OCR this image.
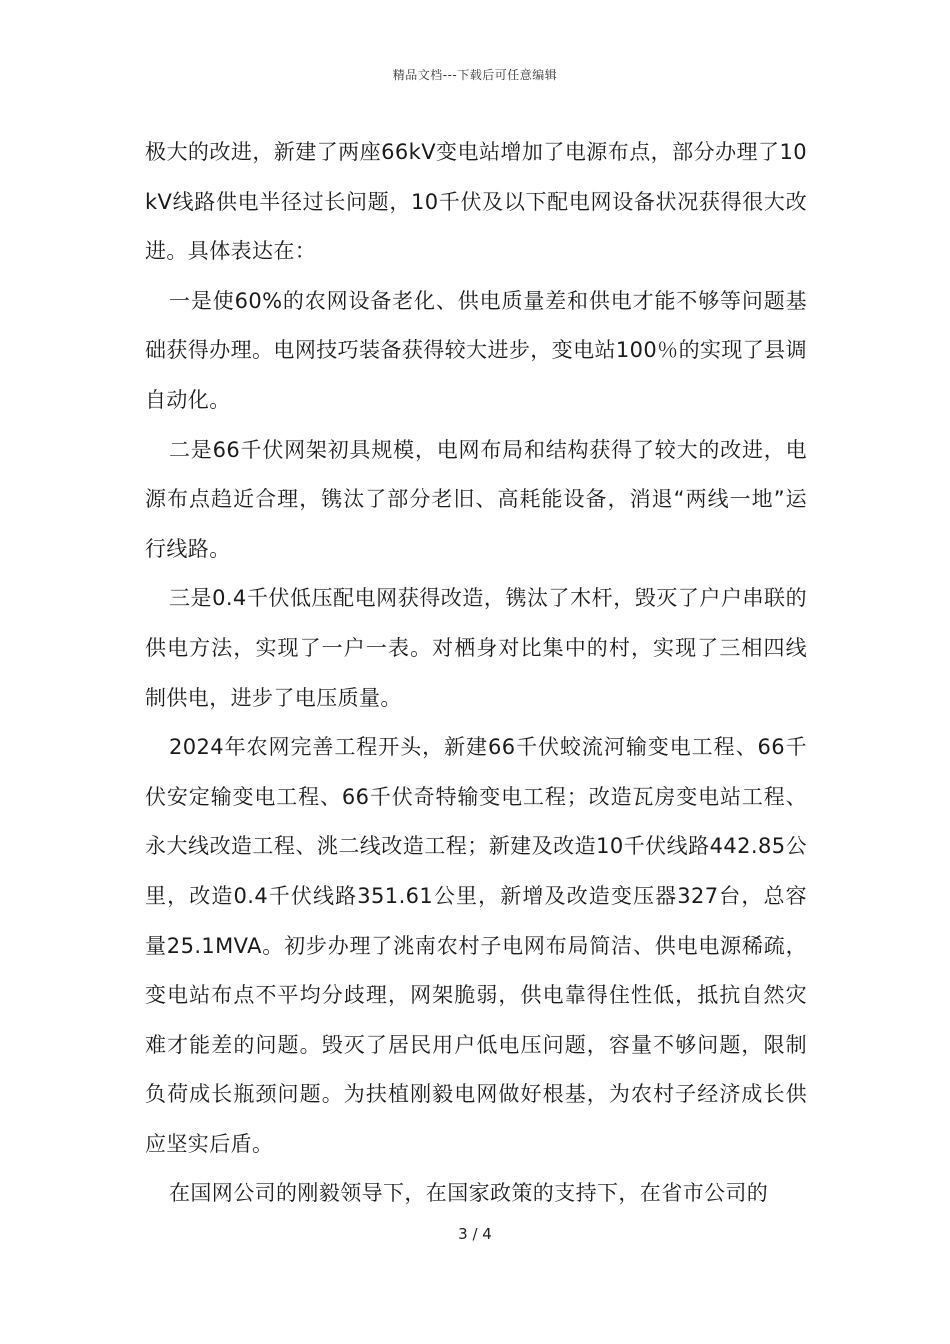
精品文档---下载后可任意编辑

极大的改进，新建了两座66kV变电站增加了电源布点，部分办理了10kV线路供电半径过长问题，10千伏及以下配电网设备状况获得很大改进。具体表达在：

一是使60%的农网设备老化、供电质量差和供电才能不够等问题基础获得办理。电网技巧装备获得较大进步，变电站100％的实现了县调自动化。

二是66千伏网架初具规模，电网布局和结构获得了较大的改进，电源布点趋近合理，镌汰了部分老旧、高耗能设备，消退“两线一地”运行线路。

三是0.4千伏低压配电网获得改造，镌汰了木杆，毁灭了户户串联的供电方法，实现了一户一表。对栖身对比集中的村，实现了三相四线制供电，进步了电压质量。

2024年农网完善工程开头，新建66千伏蛟流河输变电工程、66千伏安定输变电工程、66千伏奇特输变电工程；改造瓦房变电站工程、永大线改造工程、洮二线改造工程；新建及改造10千伏线路442.85公里，改造0.4千伏线路351.61公里，新增及改造变压器327台，总容量25.1MVA。初步办理了洮南农村子电网布局简洁、供电电源稀疏，变电站布点不平均分歧理，网架脆弱，供电靠得住性低，抵抗自然灾难才能差的问题。毁灭了居民用户低电压问题，容量不够问题，限制负荷成长瓶颈问题。为扶植刚毅电网做好根基，为农村子经济成长供应坚实后盾。

在国网公司的刚毅领导下，在国家政策的支持下，在省市公司的

3 / 4
